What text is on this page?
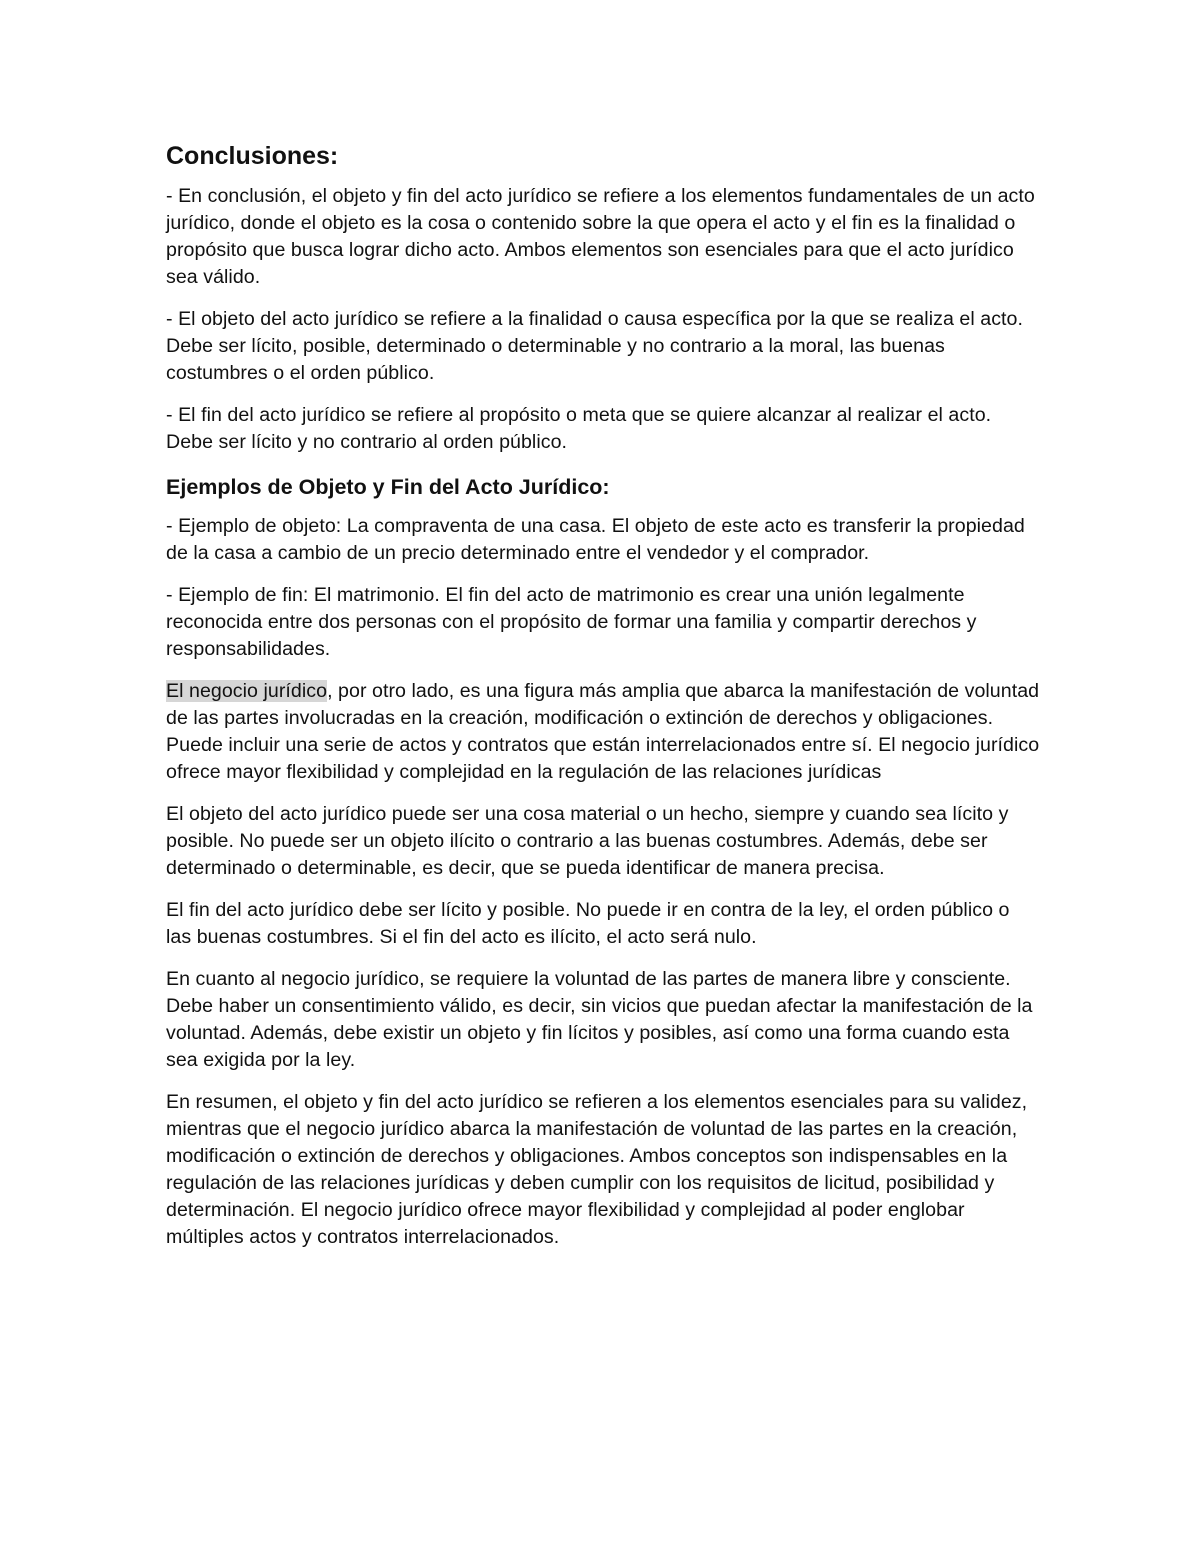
Conclusiones:

- En conclusión, el objeto y fin del acto jurídico se refiere a los elementos fundamentales de un acto jurídico, donde el objeto es la cosa o contenido sobre la que opera el acto y el fin es la finalidad o propósito que busca lograr dicho acto. Ambos elementos son esenciales para que el acto jurídico sea válido.

- El objeto del acto jurídico se refiere a la finalidad o causa específica por la que se realiza el acto. Debe ser lícito, posible, determinado o determinable y no contrario a la moral, las buenas costumbres o el orden público.

- El fin del acto jurídico se refiere al propósito o meta que se quiere alcanzar al realizar el acto. Debe ser lícito y no contrario al orden público.

Ejemplos de Objeto y Fin del Acto Jurídico:

- Ejemplo de objeto: La compraventa de una casa. El objeto de este acto es transferir la propiedad de la casa a cambio de un precio determinado entre el vendedor y el comprador.

- Ejemplo de fin: El matrimonio. El fin del acto de matrimonio es crear una unión legalmente reconocida entre dos personas con el propósito de formar una familia y compartir derechos y responsabilidades.

El negocio jurídico, por otro lado, es una figura más amplia que abarca la manifestación de voluntad de las partes involucradas en la creación, modificación o extinción de derechos y obligaciones. Puede incluir una serie de actos y contratos que están interrelacionados entre sí. El negocio jurídico ofrece mayor flexibilidad y complejidad en la regulación de las relaciones jurídicas

El objeto del acto jurídico puede ser una cosa material o un hecho, siempre y cuando sea lícito y posible. No puede ser un objeto ilícito o contrario a las buenas costumbres. Además, debe ser determinado o determinable, es decir, que se pueda identificar de manera precisa.

El fin del acto jurídico debe ser lícito y posible. No puede ir en contra de la ley, el orden público o las buenas costumbres. Si el fin del acto es ilícito, el acto será nulo.

En cuanto al negocio jurídico, se requiere la voluntad de las partes de manera libre y consciente. Debe haber un consentimiento válido, es decir, sin vicios que puedan afectar la manifestación de la voluntad. Además, debe existir un objeto y fin lícitos y posibles, así como una forma cuando esta sea exigida por la ley.

En resumen, el objeto y fin del acto jurídico se refieren a los elementos esenciales para su validez, mientras que el negocio jurídico abarca la manifestación de voluntad de las partes en la creación, modificación o extinción de derechos y obligaciones. Ambos conceptos son indispensables en la regulación de las relaciones jurídicas y deben cumplir con los requisitos de licitud, posibilidad y determinación. El negocio jurídico ofrece mayor flexibilidad y complejidad al poder englobar múltiples actos y contratos interrelacionados.
